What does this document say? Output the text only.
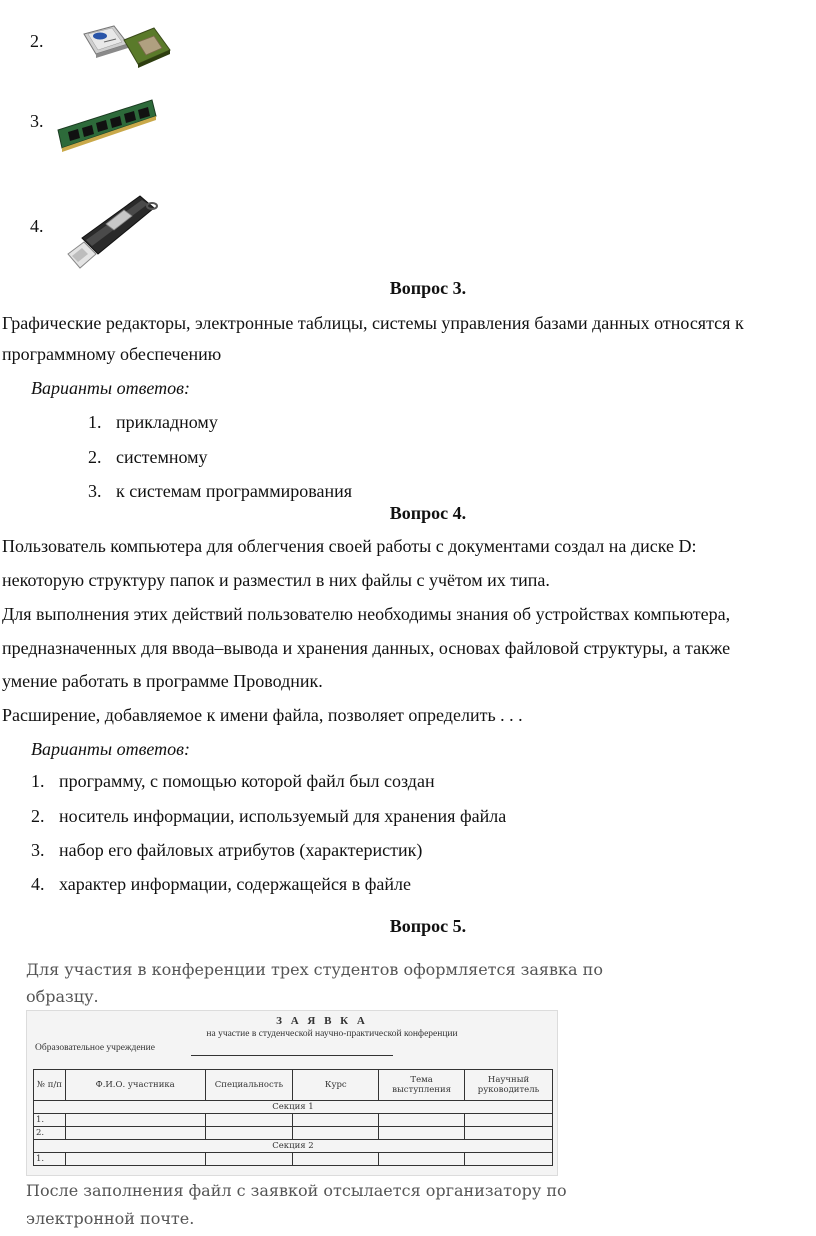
2.
3.
4.
Вопрос 3.
Графические редакторы, электронные таблицы, системы управления базами данных относятся к
программному обеспечению
Варианты ответов:
1. прикладному
2. системному
3. к системам программирования
Вопрос 4.
Пользователь компьютера для облегчения своей работы с документами создал на диске D:
некоторую структуру папок и разместил в них файлы с учётом их типа.
Для выполнения этих действий пользователю необходимы знания об устройствах компьютера,
предназначенных для ввода–вывода и хранения данных, основах файловой структуры, а также
умение работать в программе Проводник.
Расширение, добавляемое к имени файла, позволяет определить . . .
Варианты ответов:
1. программу, с помощью которой файл был создан
2. носитель информации, используемый для хранения файла
3. набор его файловых атрибутов (характеристик)
4. характер информации, содержащейся в файле
Вопрос 5.
Для участия в конференции трех студентов оформляется заявка по
образцу.
З А Я В К А
на участие в студенческой научно-практической конференции
Образовательное учреждение
№ п/п	Ф.И.О. участника	Специальность	Курс	Тема выступления	Научный руководитель
Секция 1					
1.					
2.					
Секция 2					
1.					
После заполнения файл с заявкой отсылается организатору по
электронной почте.
